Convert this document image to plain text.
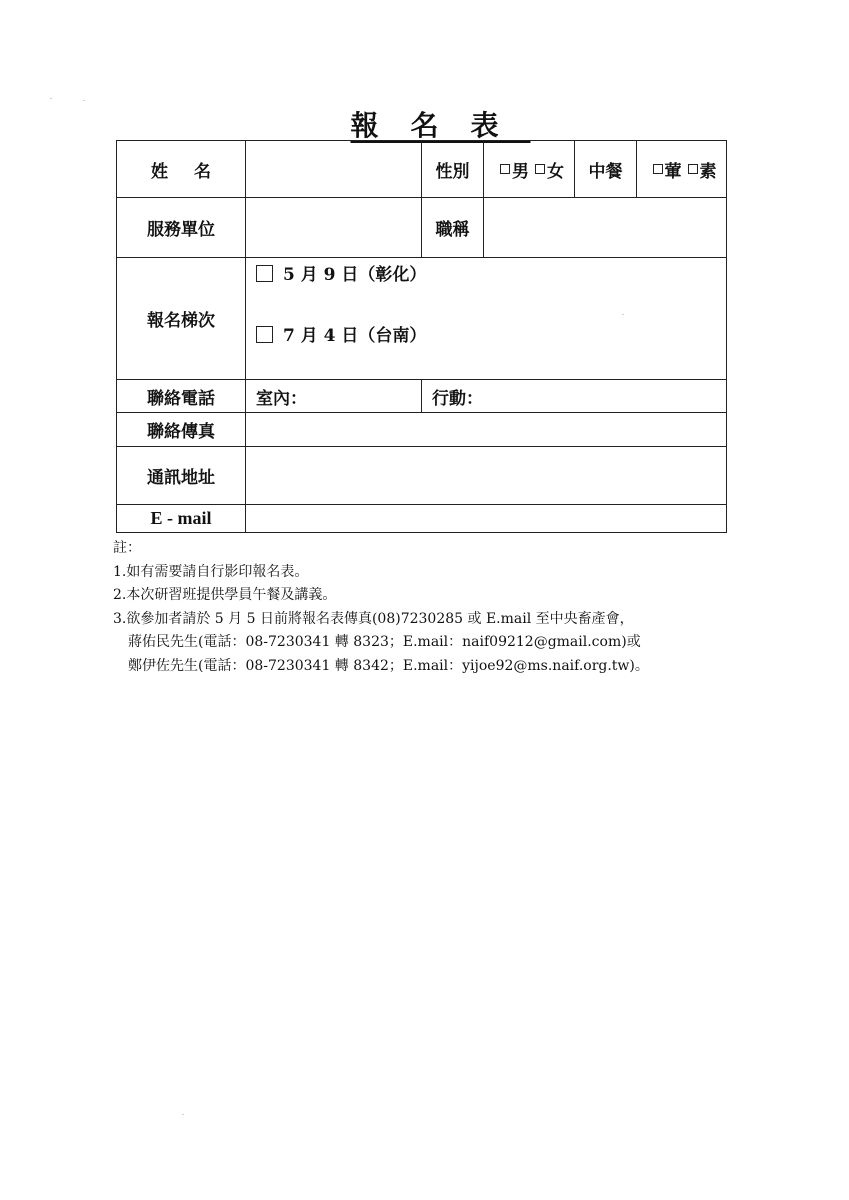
報名表
姓名	性別	男 女	中餐	葷 素
服務單位	職稱
報名梯次
5 月 9 日（彰化）
7 月 4 日（台南）
聯絡電話	室內：	行動：
聯絡傳真
通訊地址
E - mail
註：
1.如有需要請自行影印報名表。
2.本次研習班提供學員午餐及講義。
3.欲參加者請於 5 月 5 日前將報名表傳真(08)7230285 或 E.mail 至中央畜產會，
蔣佑民先生(電話：08-7230341 轉 8323；E.mail：naif09212@gmail.com)或
鄭伊佐先生(電話：08-7230341 轉 8342；E.mail：yijoe92@ms.naif.org.tw)。
·	·
·
·
